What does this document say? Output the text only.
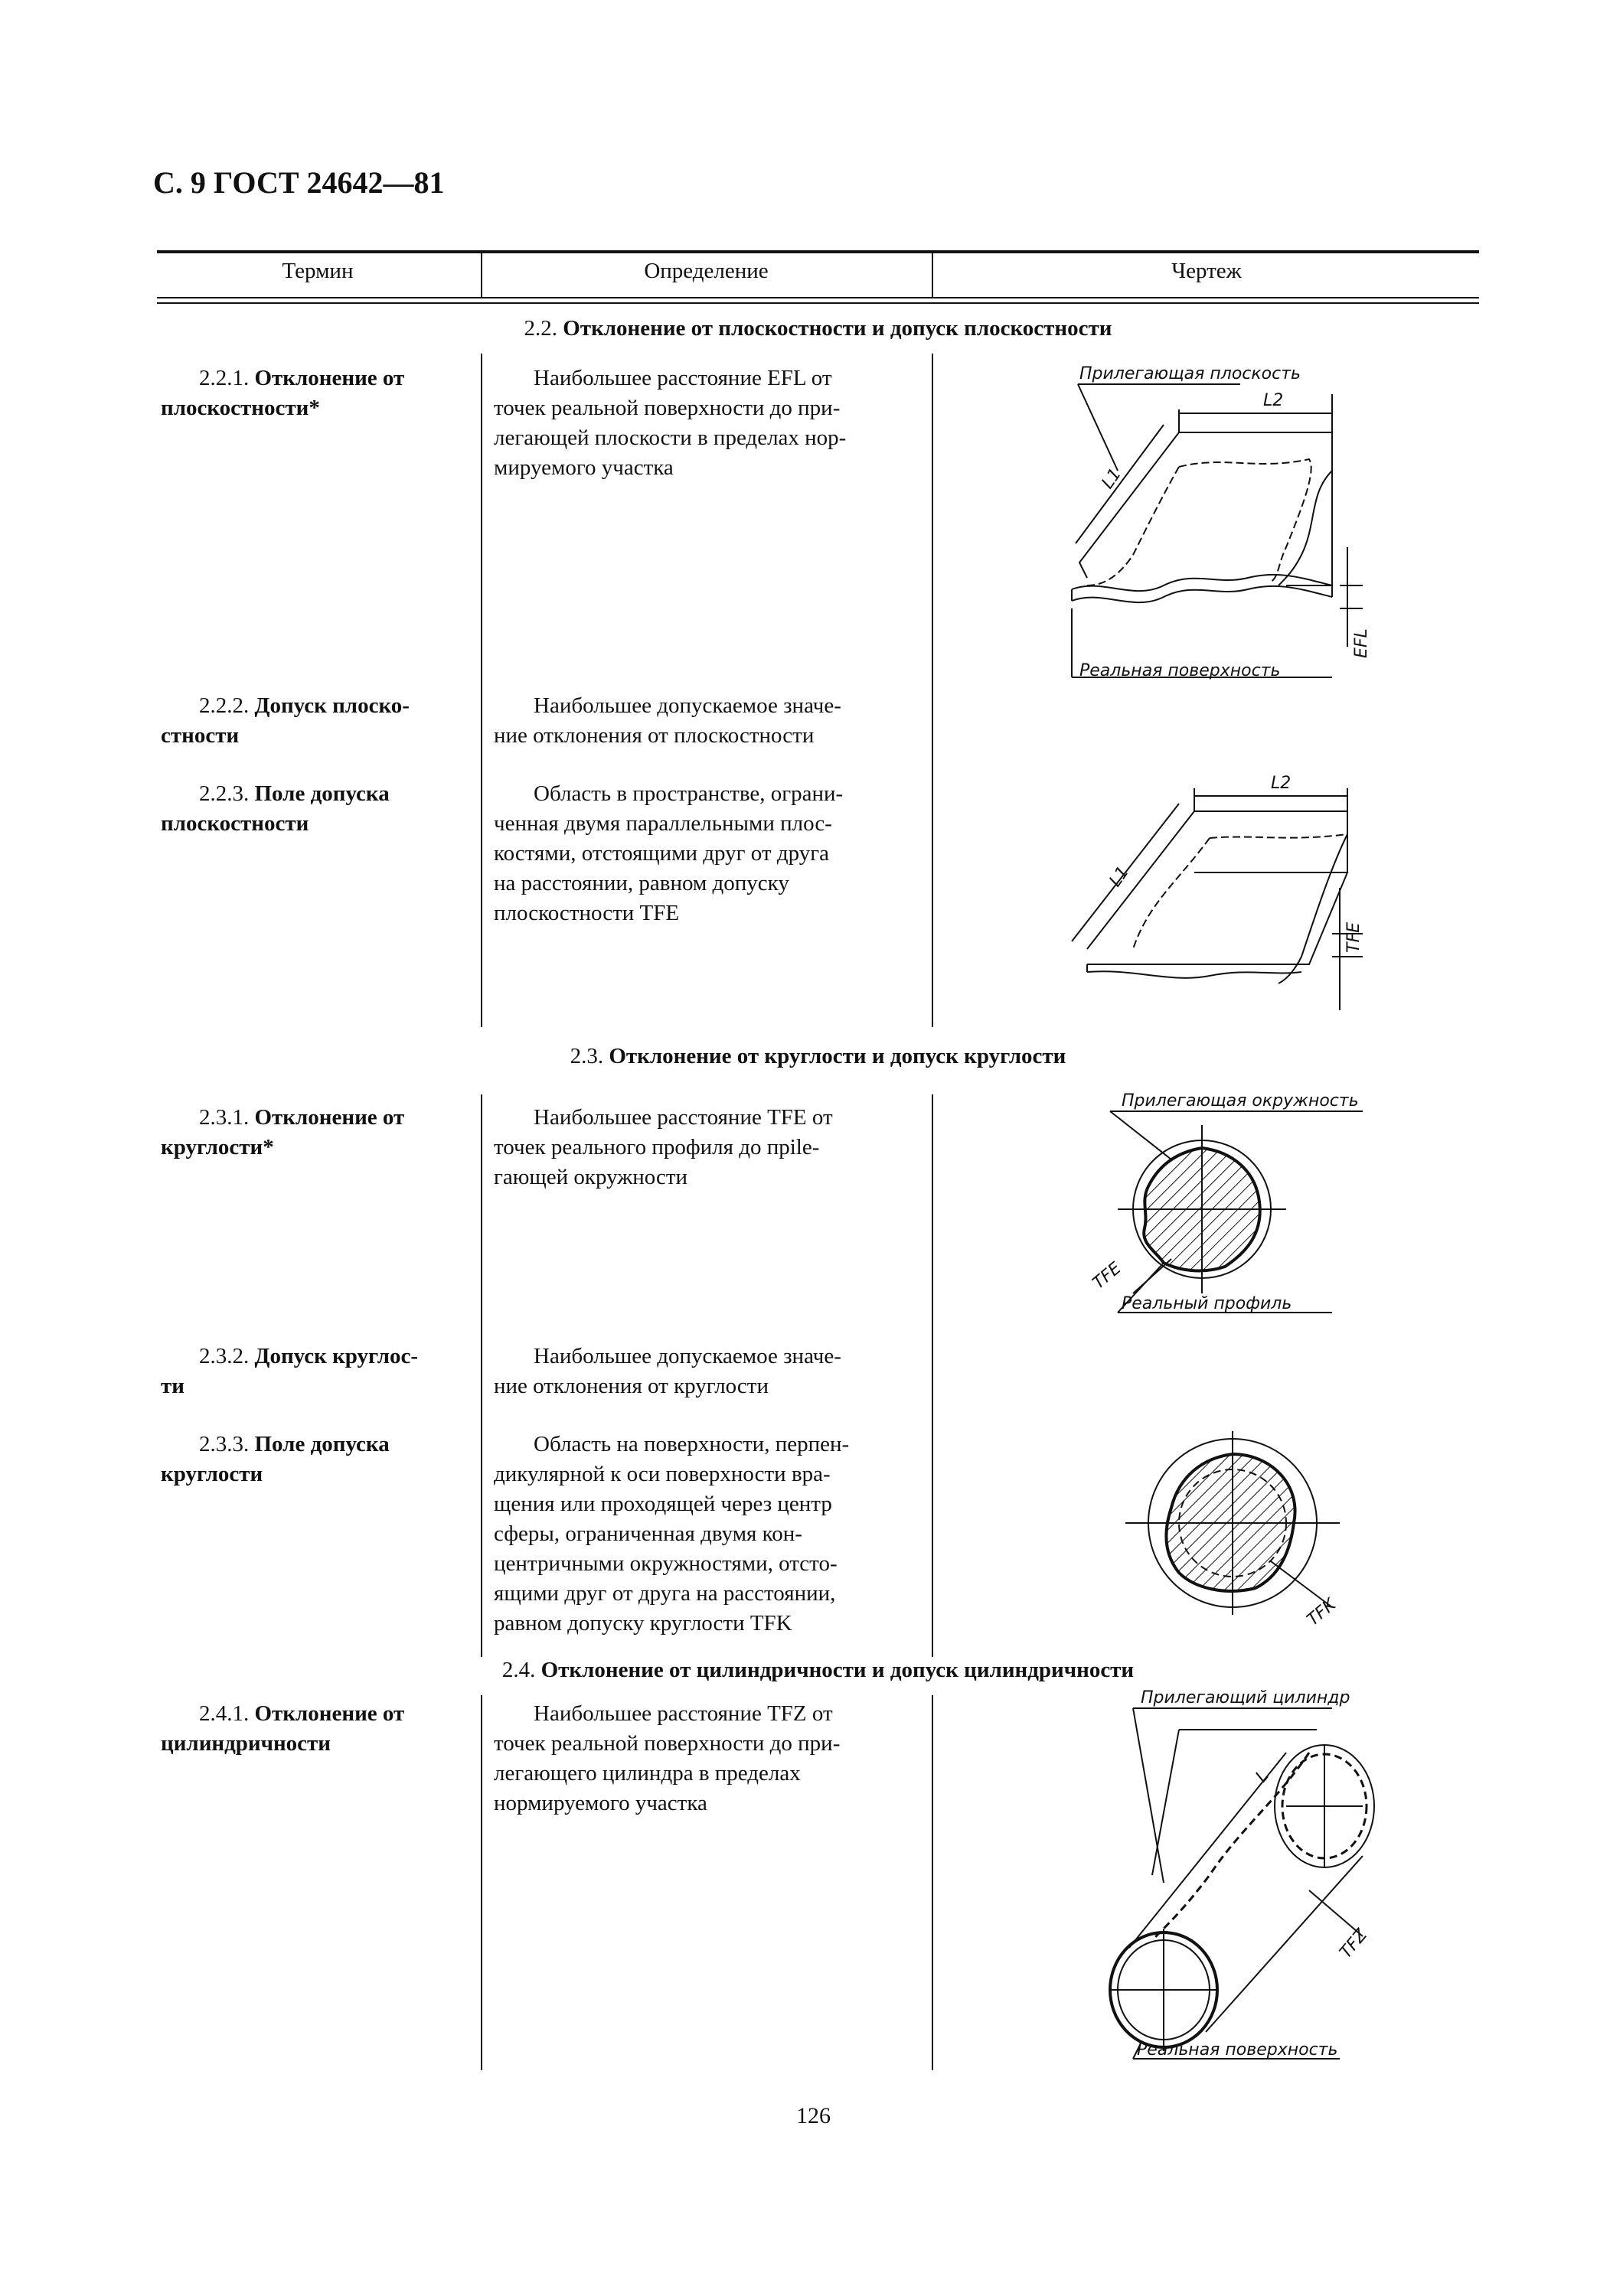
С. 9 ГОСТ 24642—81
Термин	Определение	Чертеж
2.2. Отклонение от плоскостности и допуск плоскостности
2.2.1. Отклонение от
плоскостности*
Наибольшее расстояние EFL от
точек реальной поверхности до при-
легающей плоскости в пределах нор-
мируемого участка
2.2.2. Допуск плоско-
стности
Наибольшее допускаемое значе-
ние отклонения от плоскостности
2.2.3. Поле допуска
плоскостности
Область в пространстве, ограни-
ченная двумя параллельными плос-
костями, отстоящими друг от друга
на расстоянии, равном допуску
плоскостности TFE
2.3. Отклонение от круглости и допуск круглости
2.3.1. Отклонение от
круглости*
Наибольшее расстояние TFE от
точек реального профиля до прile-
гающей окружности
2.3.2. Допуск круглос-
ти
Наибольшее допускаемое значе-
ние отклонения от круглости
2.3.3. Поле допуска
круглости
Область на поверхности, перпен-
дикулярной к оси поверхности вра-
щения или проходящей через центр
сферы, ограниченная двумя кон-
центричными окружностями, отсто-
ящими друг от друга на расстоянии,
равном допуску круглости TFK
2.4. Отклонение от цилиндричности и допуск цилиндричности
2.4.1. Отклонение от
цилиндричности
Наибольшее расстояние TFZ от
точек реальной поверхности до при-
легающего цилиндра в пределах
нормируемого участка
Прилегающая плоскость
L2
L1
EFL
Реальная поверхность
L2
L1
TFE
Прилегающая окружность
TFE
Реальный профиль
TFK
Прилегающий цилиндр
L
TFZ
Реальная поверхность
126
